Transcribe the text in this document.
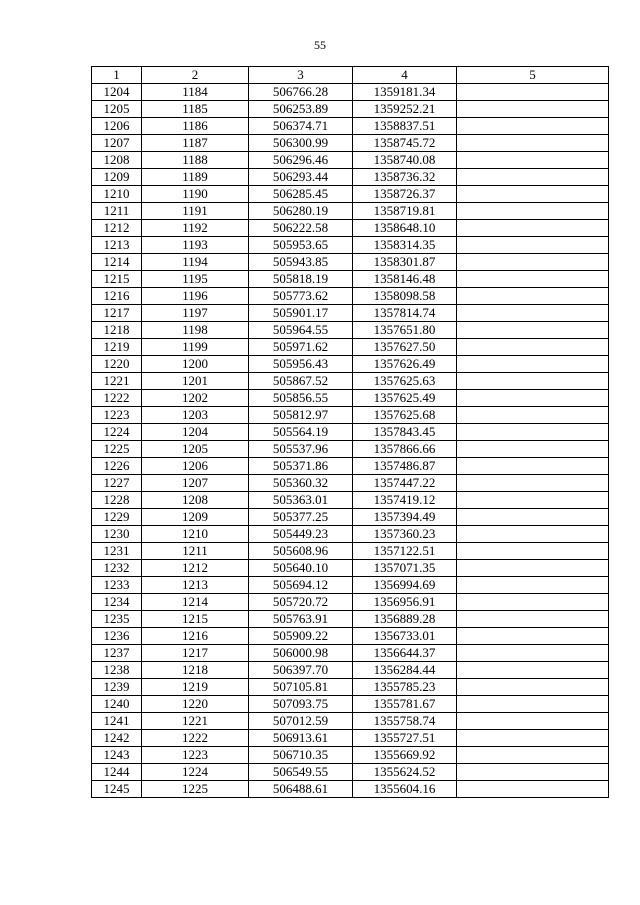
55
1	2	3	4	5
1204	1184	506766.28	1359181.34	
1205	1185	506253.89	1359252.21	
1206	1186	506374.71	1358837.51	
1207	1187	506300.99	1358745.72	
1208	1188	506296.46	1358740.08	
1209	1189	506293.44	1358736.32	
1210	1190	506285.45	1358726.37	
1211	1191	506280.19	1358719.81	
1212	1192	506222.58	1358648.10	
1213	1193	505953.65	1358314.35	
1214	1194	505943.85	1358301.87	
1215	1195	505818.19	1358146.48	
1216	1196	505773.62	1358098.58	
1217	1197	505901.17	1357814.74	
1218	1198	505964.55	1357651.80	
1219	1199	505971.62	1357627.50	
1220	1200	505956.43	1357626.49	
1221	1201	505867.52	1357625.63	
1222	1202	505856.55	1357625.49	
1223	1203	505812.97	1357625.68	
1224	1204	505564.19	1357843.45	
1225	1205	505537.96	1357866.66	
1226	1206	505371.86	1357486.87	
1227	1207	505360.32	1357447.22	
1228	1208	505363.01	1357419.12	
1229	1209	505377.25	1357394.49	
1230	1210	505449.23	1357360.23	
1231	1211	505608.96	1357122.51	
1232	1212	505640.10	1357071.35	
1233	1213	505694.12	1356994.69	
1234	1214	505720.72	1356956.91	
1235	1215	505763.91	1356889.28	
1236	1216	505909.22	1356733.01	
1237	1217	506000.98	1356644.37	
1238	1218	506397.70	1356284.44	
1239	1219	507105.81	1355785.23	
1240	1220	507093.75	1355781.67	
1241	1221	507012.59	1355758.74	
1242	1222	506913.61	1355727.51	
1243	1223	506710.35	1355669.92	
1244	1224	506549.55	1355624.52	
1245	1225	506488.61	1355604.16	
